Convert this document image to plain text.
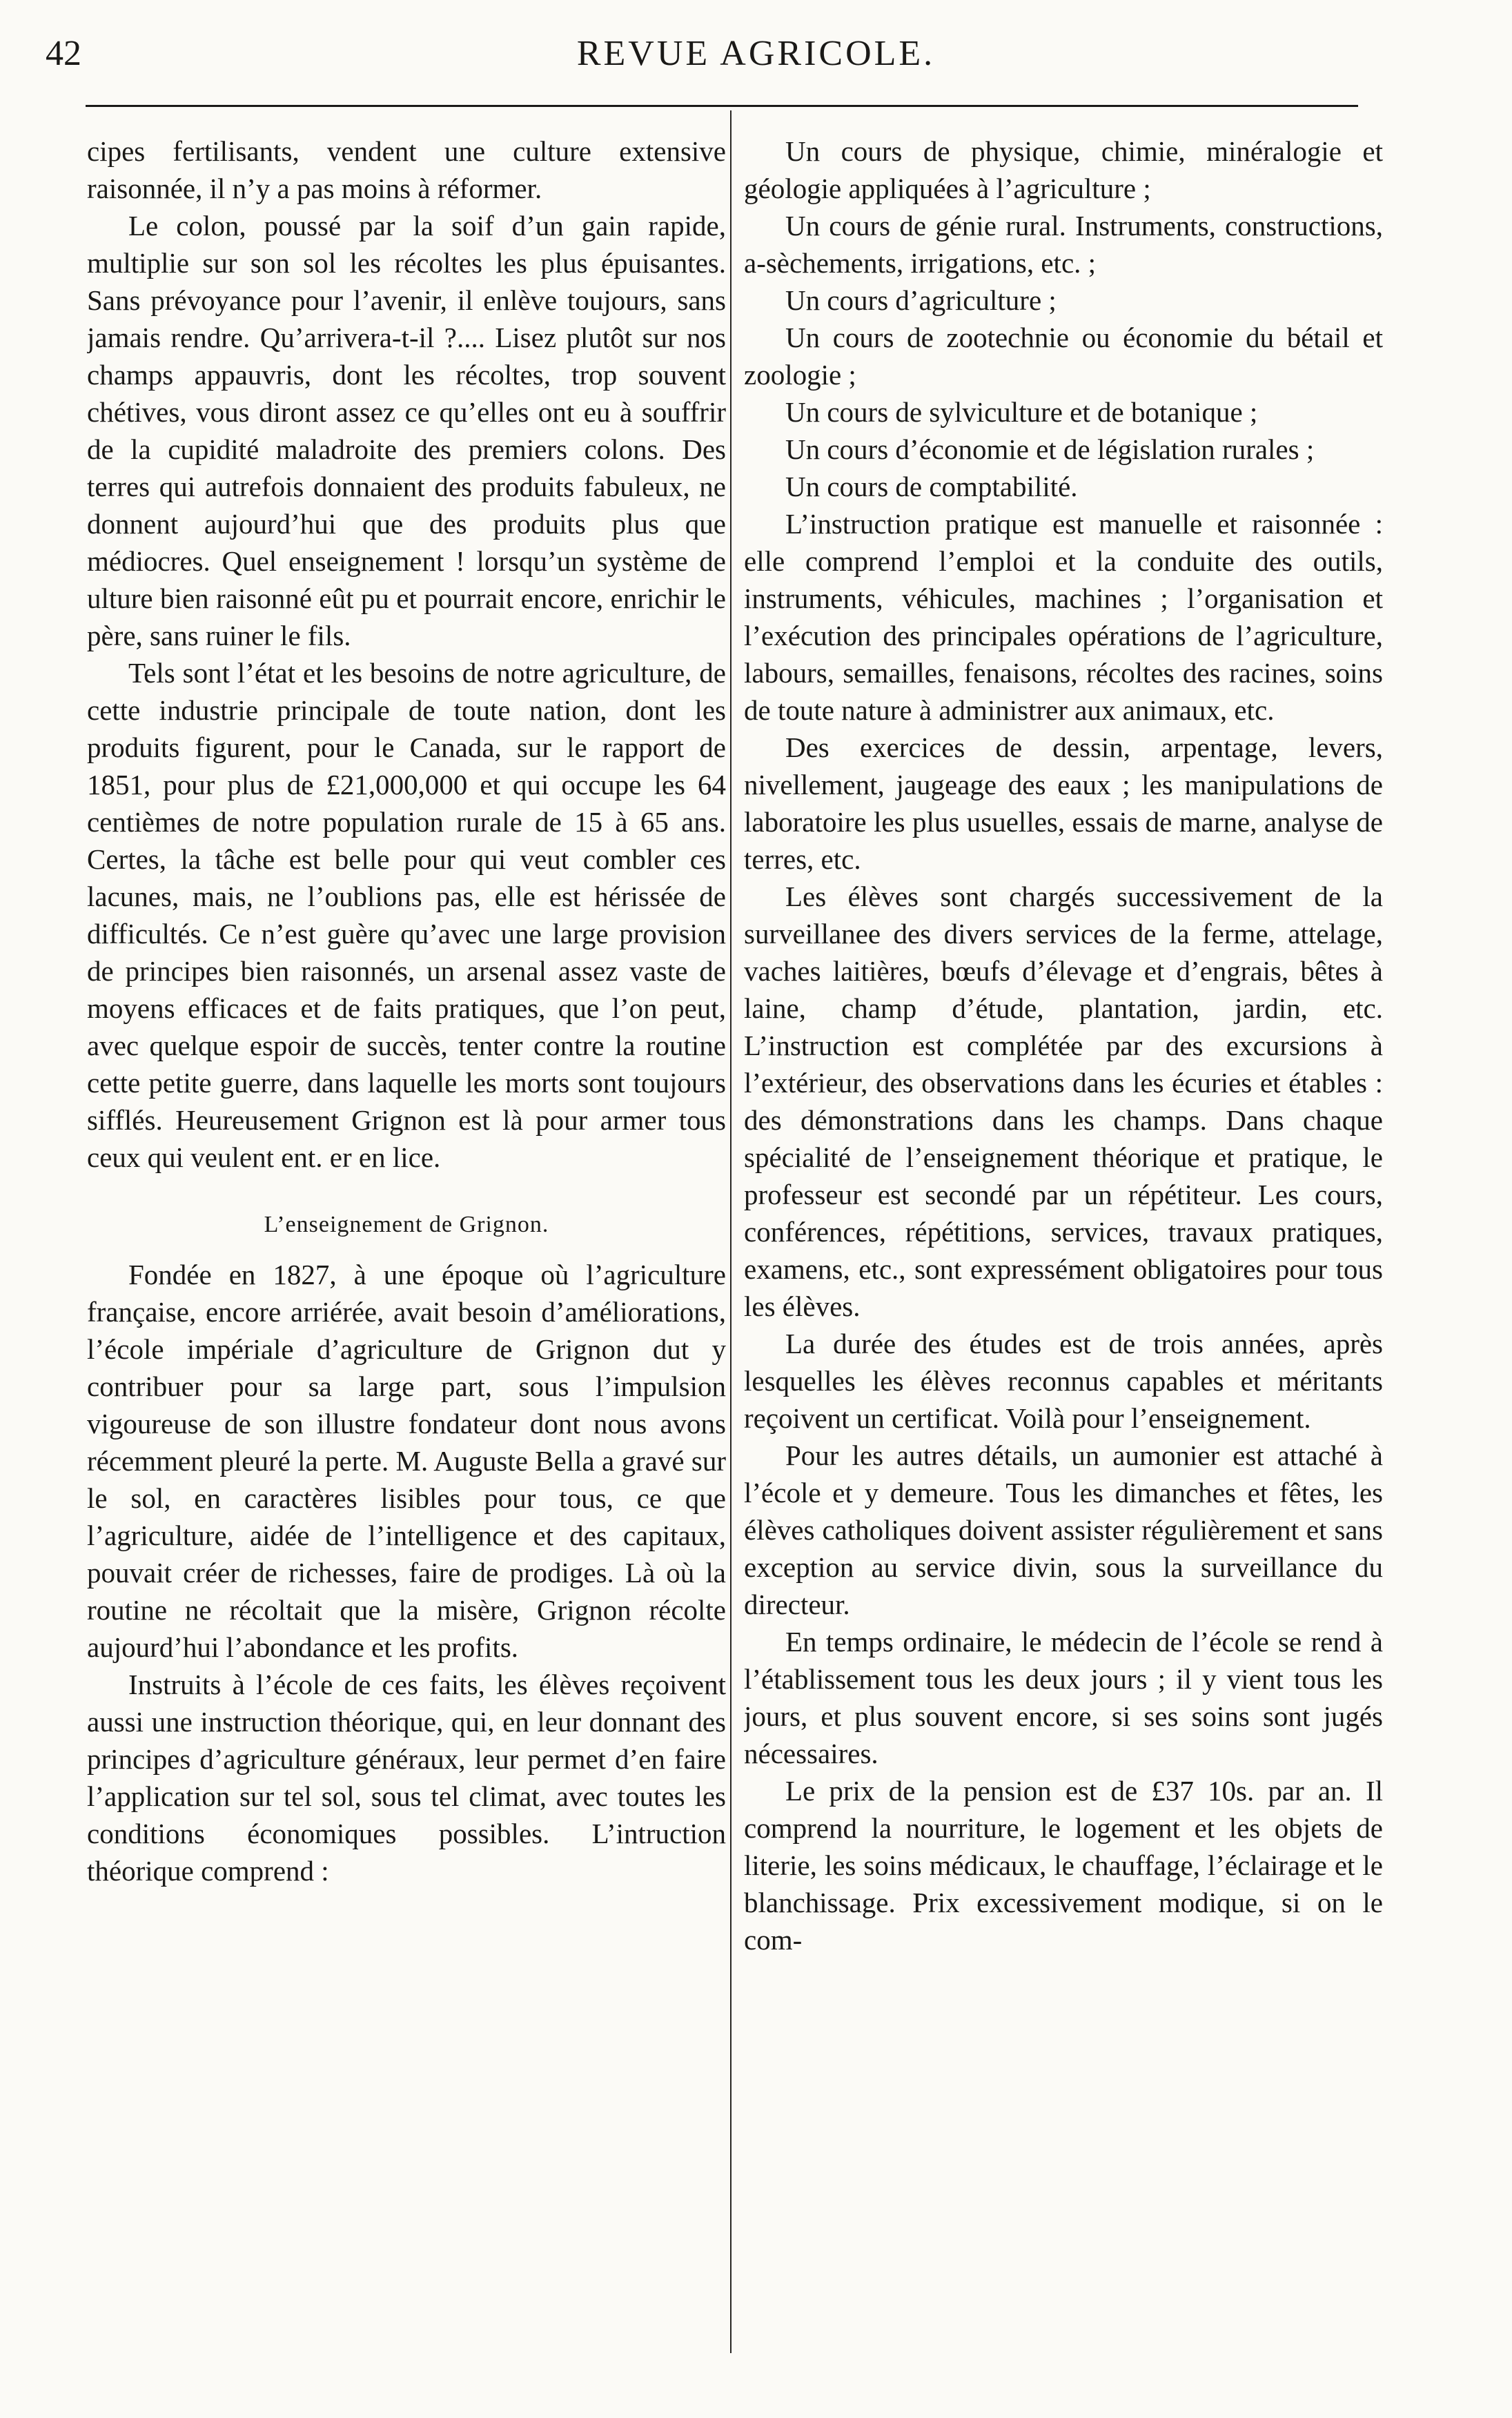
42	REVUE AGRICOLE.

cipes fertilisants, vendent une culture extensive raisonnée, il n’y a pas moins à réformer.

Le colon, poussé par la soif d’un gain rapide, multiplie sur son sol les récoltes les plus épuisantes. Sans prévoyance pour l’avenir, il enlève toujours, sans jamais rendre. Qu’arrivera-t-il ?.... Lisez plutôt sur nos champs appauvris, dont les récoltes, trop souvent chétives, vous diront assez ce qu’elles ont eu à souffrir de la cupidité maladroite des premiers colons. Des terres qui autrefois donnaient des produits fabuleux, ne donnent aujourd’hui que des produits plus que médiocres. Quel enseignement ! lorsqu’un système de ulture bien raisonné eût pu et pourrait encore, enrichir le père, sans ruiner le fils.

Tels sont l’état et les besoins de notre agriculture, de cette industrie principale de toute nation, dont les produits figurent, pour le Canada, sur le rapport de 1851, pour plus de £21,000,000 et qui occupe les 64 centièmes de notre population rurale de 15 à 65 ans. Certes, la tâche est belle pour qui veut combler ces lacunes, mais, ne l’oublions pas, elle est hérissée de difficultés. Ce n’est guère qu’avec une large provision de principes bien raisonnés, un arsenal assez vaste de moyens efficaces et de faits pratiques, que l’on peut, avec quelque espoir de succès, tenter contre la routine cette petite guerre, dans laquelle les morts sont toujours sifflés. Heureusement Grignon est là pour armer tous ceux qui veulent ent. er en lice.

L’enseignement de Grignon.

Fondée en 1827, à une époque où l’agriculture française, encore arriérée, avait besoin d’améliorations, l’école impériale d’agriculture de Grignon dut y contribuer pour sa large part, sous l’impulsion vigoureuse de son illustre fondateur dont nous avons récemment pleuré la perte. M. Auguste Bella a gravé sur le sol, en caractères lisibles pour tous, ce que l’agriculture, aidée de l’intelligence et des capitaux, pouvait créer de richesses, faire de prodiges. Là où la routine ne récoltait que la misère, Grignon récolte aujourd’hui l’abondance et les profits.

Instruits à l’école de ces faits, les élèves reçoivent aussi une instruction théorique, qui, en leur donnant des principes d’agriculture généraux, leur permet d’en faire l’application sur tel sol, sous tel climat, avec toutes les conditions économiques possibles. L’intruction théorique comprend :

Un cours de physique, chimie, minéralogie et géologie appliquées à l’agriculture ;

Un cours de génie rural. Instruments, constructions, a-sèchements, irrigations, etc. ;

Un cours d’agriculture ;

Un cours de zootechnie ou économie du bétail et zoologie ;

Un cours de sylviculture et de botanique ;

Un cours d’économie et de législation rurales ;

Un cours de comptabilité.

L’instruction pratique est manuelle et raisonnée : elle comprend l’emploi et la conduite des outils, instruments, véhicules, machines ; l’organisation et l’exécution des principales opérations de l’agriculture, labours, semailles, fenaisons, récoltes des racines, soins de toute nature à administrer aux animaux, etc.

Des exercices de dessin, arpentage, levers, nivellement, jaugeage des eaux ; les manipulations de laboratoire les plus usuelles, essais de marne, analyse de terres, etc.

Les élèves sont chargés successivement de la surveillanee des divers services de la ferme, attelage, vaches laitières, bœufs d’élevage et d’engrais, bêtes à laine, champ d’étude, plantation, jardin, etc. L’instruction est complétée par des excursions à l’extérieur, des observations dans les écuries et étables : des démonstrations dans les champs. Dans chaque spécialité de l’enseignement théorique et pratique, le professeur est secondé par un répétiteur. Les cours, conférences, répétitions, services, travaux pratiques, examens, etc., sont expressément obligatoires pour tous les élèves.

La durée des études est de trois années, après lesquelles les élèves reconnus capables et méritants reçoivent un certificat. Voilà pour l’enseignement.

Pour les autres détails, un aumonier est attaché à l’école et y demeure. Tous les dimanches et fêtes, les élèves catholiques doivent assister régulièrement et sans exception au service divin, sous la surveillance du directeur.

En temps ordinaire, le médecin de l’école se rend à l’établissement tous les deux jours ; il y vient tous les jours, et plus souvent encore, si ses soins sont jugés nécessaires.

Le prix de la pension est de £37 10s. par an. Il comprend la nourriture, le logement et les objets de literie, les soins médicaux, le chauffage, l’éclairage et le blanchissage. Prix excessivement modique, si on le com-
